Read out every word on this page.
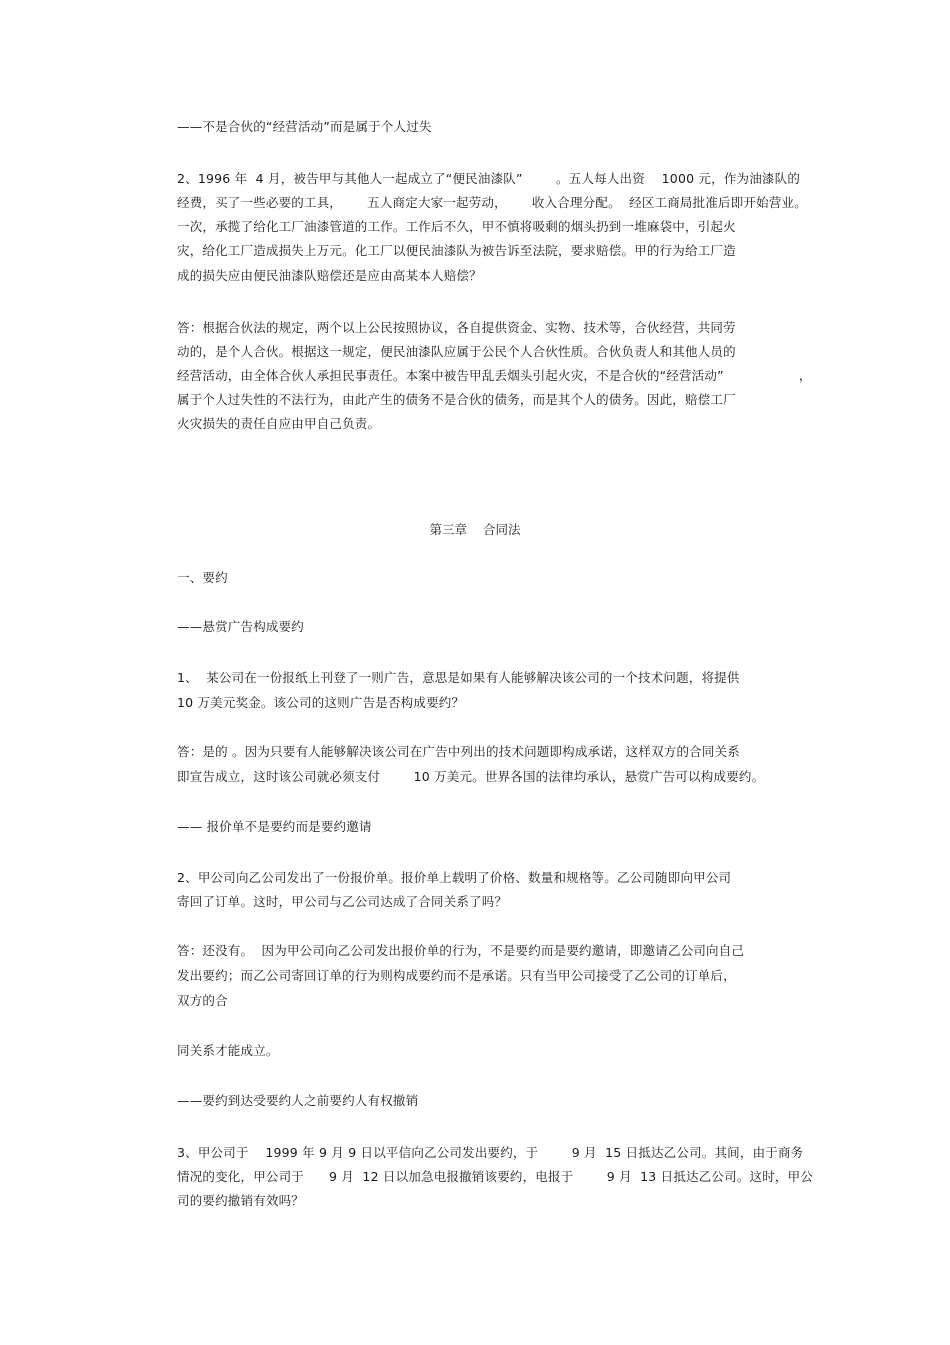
——不是合伙的“经营活动”而是属于个人过失
2、1996 年  4 月，被告甲与其他人一起成立了“便民油漆队”        。五人每人出资    1000 元，作为油漆队的
经费，买了一些必要的工具，      五人商定大家一起劳动，      收入合理分配。  经区工商局批准后即开始营业。
一次，承揽了给化工厂油漆管道的工作。工作后不久，甲不慎将吸剩的烟头扔到一堆麻袋中，引起火
灾，给化工厂造成损失上万元。化工厂以便民油漆队为被告诉至法院，要求赔偿。甲的行为给工厂造
成的损失应由便民油漆队赔偿还是应由高某本人赔偿？
答：根据合伙法的规定，两个以上公民按照协议，各自提供资金、实物、技术等，合伙经营，共同劳
动的，是个人合伙。根据这一规定，便民油漆队应属于公民个人合伙性质。合伙负责人和其他人员的
经营活动，由全体合伙人承担民事责任。本案中被告甲乱丢烟头引起火灾，不是合伙的“经营活动”                  ，
属于个人过失性的不法行为，由此产生的债务不是合伙的债务，而是其个人的债务。因此，赔偿工厂
火灾损失的责任自应由甲自己负责。
第三章    合同法
一、要约
——悬赏广告构成要约
1、  某公司在一份报纸上刊登了一则广告，意思是如果有人能够解决该公司的一个技术问题，将提供
10 万美元奖金。该公司的这则广告是否构成要约？
答：是的 。因为只要有人能够解决该公司在广告中列出的技术问题即构成承诺，这样双方的合同关系
即宣告成立，这时该公司就必须支付        10 万美元。世界各国的法律均承认，悬赏广告可以构成要约。
—— 报价单不是要约而是要约邀请
2、甲公司向乙公司发出了一份报价单。报价单上载明了价格、数量和规格等。乙公司随即向甲公司
寄回了订单。这时，甲公司与乙公司达成了合同关系了吗？
答：还没有。  因为甲公司向乙公司发出报价单的行为，不是要约而是要约邀请，即邀请乙公司向自己
发出要约；而乙公司寄回订单的行为则构成要约而不是承诺。只有当甲公司接受了乙公司的订单后，
双方的合
同关系才能成立。
——要约到达受要约人之前要约人有权撤销
3、甲公司于    1999 年 9 月 9 日以平信向乙公司发出要约，于        9 月  15 日抵达乙公司。其间，由于商务
情况的变化，甲公司于      9 月  12 日以加急电报撤销该要约，电报于        9 月  13 日抵达乙公司。这时，甲公
司的要约撤销有效吗？
